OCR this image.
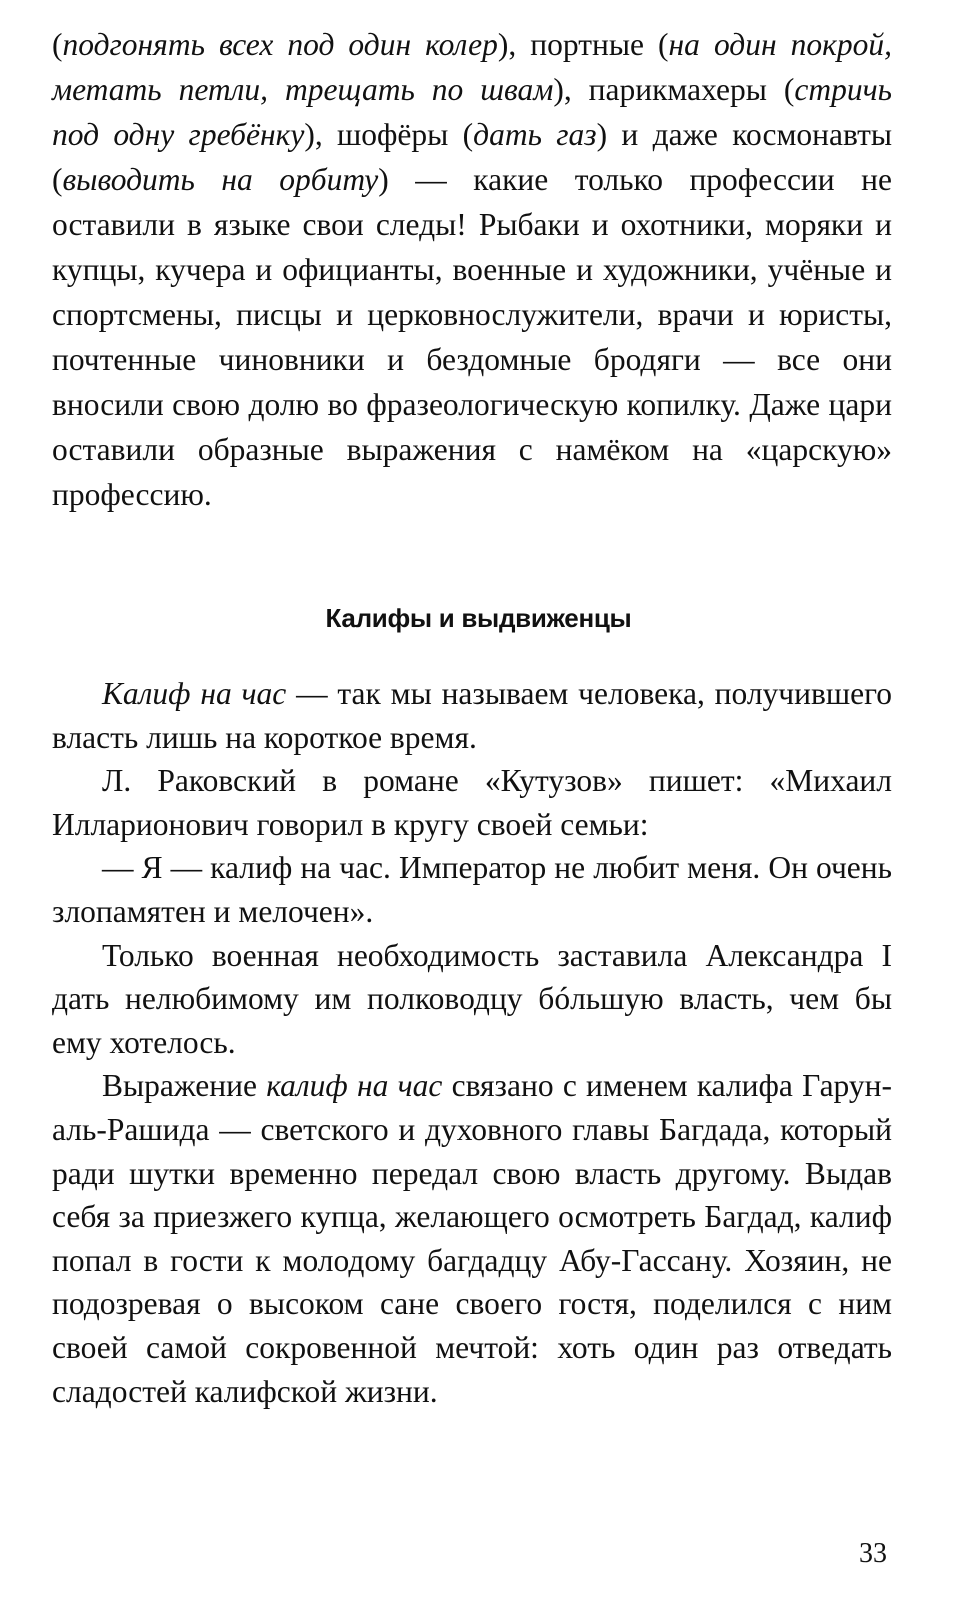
(подгонять всех под один колер), портные (на один покрой, метать петли, трещать по швам), парикмахеры (стричь под одну гребёнку), шофёры (дать газ) и даже космонавты (выводить на орбиту) — какие только профессии не оставили в языке свои следы! Рыбаки и охотники, моряки и купцы, кучера и официанты, военные и художники, учёные и спортсмены, писцы и церковнослужители, врачи и юристы, почтенные чиновники и бездомные бродяги — все они вносили свою долю во фразеологическую копилку. Даже цари оставили образные выражения с намёком на «царскую» профессию.

Калифы и выдвиженцы

Калиф на час — так мы называем человека, получившего власть лишь на короткое время.

Л. Раковский в романе «Кутузов» пишет: «Михаил Илларионович говорил в кругу своей семьи:

— Я — калиф на час. Император не любит меня. Он очень злопамятен и мелочен».

Только военная необходимость заставила Александра I дать нелюбимому им полководцу бóльшую власть, чем бы ему хотелось.

Выражение калиф на час связано с именем калифа Гарун-аль-Рашида — светского и духовного главы Багдада, который ради шутки временно передал свою власть другому. Выдав себя за приезжего купца, желающего осмотреть Багдад, калиф попал в гости к молодому багдадцу Абу-Гассану. Хозяин, не подозревая о высоком сане своего гостя, поделился с ним своей самой сокровенной мечтой: хоть один раз отведать сладостей калифской жизни.

33
